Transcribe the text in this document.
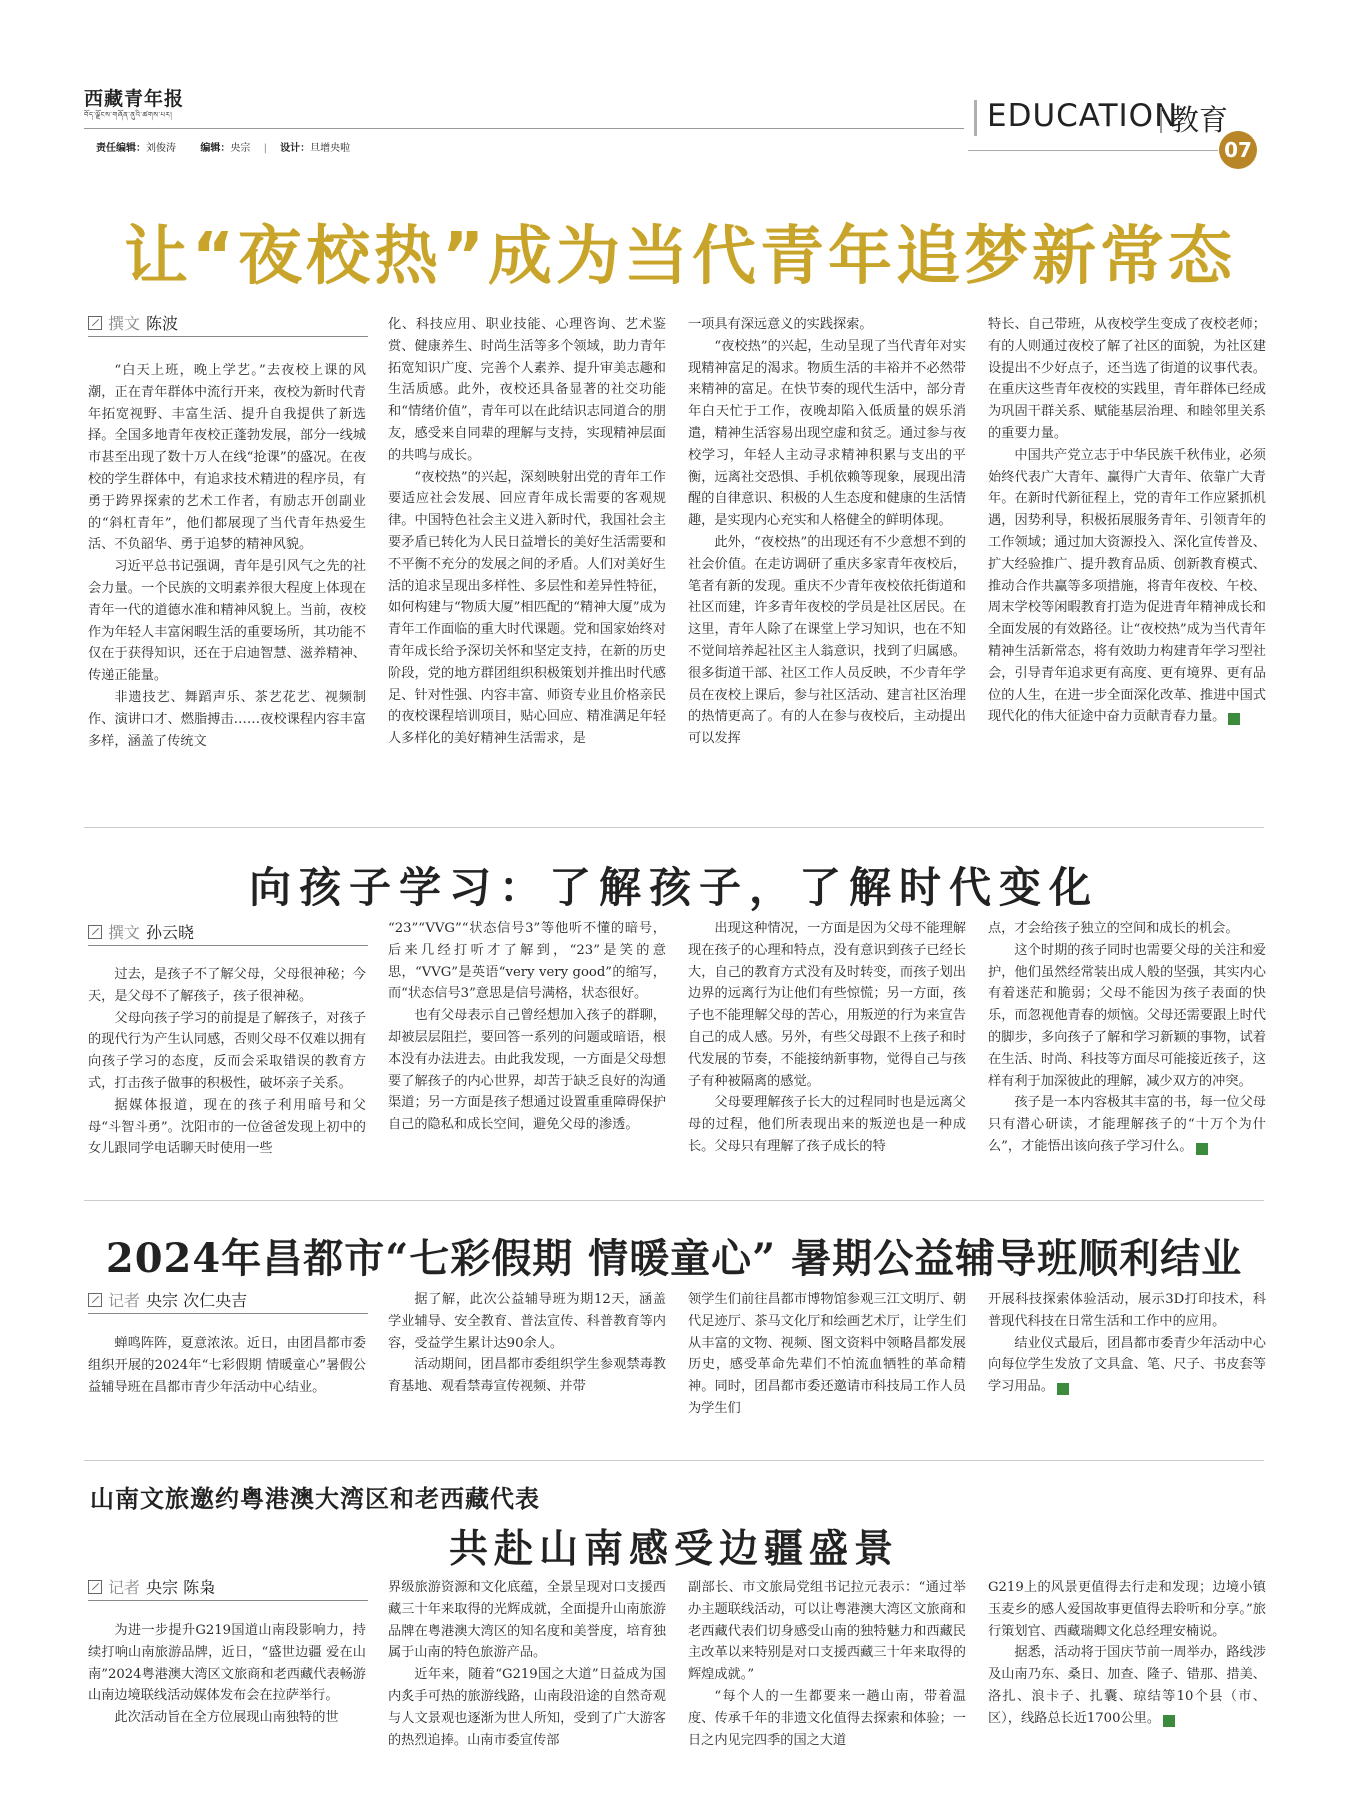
西藏青年报
བོད་ལྗོངས་གཞོན་ནུའི་ཚགས་པར།
责任编辑：刘俊涛 编辑：央宗 | 设计：旦增央啦
EDUCATION
教育
07
让“夜校热”成为当代青年追梦新常态
撰文 陈波

“白天上班，晚上学艺。”去夜校上课的风潮，正在青年群体中流行开来，夜校为新时代青年拓宽视野、丰富生活、提升自我提供了新选择。全国多地青年夜校正蓬勃发展，部分一线城市甚至出现了数十万人在线“抢课”的盛况。在夜校的学生群体中，有追求技术精进的程序员，有勇于跨界探索的艺术工作者，有励志开创副业的“斜杠青年”，他们都展现了当代青年热爱生活、不负韶华、勇于追梦的精神风貌。

习近平总书记强调，青年是引风气之先的社会力量。一个民族的文明素养很大程度上体现在青年一代的道德水准和精神风貌上。当前，夜校作为年轻人丰富闲暇生活的重要场所，其功能不仅在于获得知识，还在于启迪智慧、滋养精神、传递正能量。

非遗技艺、舞蹈声乐、茶艺花艺、视频制作、演讲口才、燃脂搏击……夜校课程内容丰富多样，涵盖了传统文

化、科技应用、职业技能、心理咨询、艺术鉴赏、健康养生、时尚生活等多个领域，助力青年拓宽知识广度、完善个人素养、提升审美志趣和生活质感。此外，夜校还具备显著的社交功能和“情绪价值”，青年可以在此结识志同道合的朋友，感受来自同辈的理解与支持，实现精神层面的共鸣与成长。

“夜校热”的兴起，深刻映射出党的青年工作要适应社会发展、回应青年成长需要的客观规律。中国特色社会主义进入新时代，我国社会主要矛盾已转化为人民日益增长的美好生活需要和不平衡不充分的发展之间的矛盾。人们对美好生活的追求呈现出多样性、多层性和差异性特征，如何构建与“物质大厦”相匹配的“精神大厦”成为青年工作面临的重大时代课题。党和国家始终对青年成长给予深切关怀和坚定支持，在新的历史阶段，党的地方群团组织积极策划并推出时代感足、针对性强、内容丰富、师资专业且价格亲民的夜校课程培训项目，贴心回应、精准满足年轻人多样化的美好精神生活需求，是

一项具有深远意义的实践探索。

“夜校热”的兴起，生动呈现了当代青年对实现精神富足的渴求。物质生活的丰裕并不必然带来精神的富足。在快节奏的现代生活中，部分青年白天忙于工作，夜晚却陷入低质量的娱乐消遣，精神生活容易出现空虚和贫乏。通过参与夜校学习，年轻人主动寻求精神积累与支出的平衡，远离社交恐惧、手机依赖等现象，展现出清醒的自律意识、积极的人生态度和健康的生活情趣，是实现内心充实和人格健全的鲜明体现。

此外，“夜校热”的出现还有不少意想不到的社会价值。在走访调研了重庆多家青年夜校后，笔者有新的发现。重庆不少青年夜校依托街道和社区而建，许多青年夜校的学员是社区居民。在这里，青年人除了在课堂上学习知识，也在不知不觉间培养起社区主人翁意识，找到了归属感。很多街道干部、社区工作人员反映，不少青年学员在夜校上课后，参与社区活动、建言社区治理的热情更高了。有的人在参与夜校后，主动提出可以发挥

特长、自己带班，从夜校学生变成了夜校老师；有的人则通过夜校了解了社区的面貌，为社区建设提出不少好点子，还当选了街道的议事代表。在重庆这些青年夜校的实践里，青年群体已经成为巩固干群关系、赋能基层治理、和睦邻里关系的重要力量。

中国共产党立志于中华民族千秋伟业，必须始终代表广大青年、赢得广大青年、依靠广大青年。在新时代新征程上，党的青年工作应紧抓机遇，因势利导，积极拓展服务青年、引领青年的工作领域；通过加大资源投入、深化宣传普及、扩大经验推广、提升教育品质、创新教育模式、推动合作共赢等多项措施，将青年夜校、午校、周末学校等闲暇教育打造为促进青年精神成长和全面发展的有效路径。让“夜校热”成为当代青年精神生活新常态，将有效助力构建青年学习型社会，引导青年追求更有高度、更有境界、更有品位的人生，在进一步全面深化改革、推进中国式现代化的伟大征途中奋力贡献青春力量。	青

向孩子学习：了解孩子，了解时代变化
撰文 孙云晓

过去，是孩子不了解父母，父母很神秘；今天，是父母不了解孩子，孩子很神秘。

父母向孩子学习的前提是了解孩子，对孩子的现代行为产生认同感，否则父母不仅难以拥有向孩子学习的态度，反而会采取错误的教育方式，打击孩子做事的积极性，破坏亲子关系。

据媒体报道，现在的孩子利用暗号和父母“斗智斗勇”。沈阳市的一位爸爸发现上初中的女儿跟同学电话聊天时使用一些

“23”“VVG”“状态信号3”等他听不懂的暗号，后来几经打听才了解到，“23”是笑的意思，“VVG”是英语“very very good”的缩写，而“状态信号3”意思是信号满格，状态很好。

也有父母表示自己曾经想加入孩子的群聊，却被层层阻拦，要回答一系列的问题或暗语，根本没有办法进去。由此我发现，一方面是父母想要了解孩子的内心世界，却苦于缺乏良好的沟通渠道；另一方面是孩子想通过设置重重障碍保护自己的隐私和成长空间，避免父母的渗透。

出现这种情况，一方面是因为父母不能理解现在孩子的心理和特点，没有意识到孩子已经长大，自己的教育方式没有及时转变，而孩子划出边界的远离行为让他们有些惊慌；另一方面，孩子也不能理解父母的苦心，用叛逆的行为来宣告自己的成人感。另外，有些父母跟不上孩子和时代发展的节奏，不能接纳新事物，觉得自己与孩子有种被隔离的感觉。

父母要理解孩子长大的过程同时也是远离父母的过程，他们所表现出来的叛逆也是一种成长。父母只有理解了孩子成长的特

点，才会给孩子独立的空间和成长的机会。

这个时期的孩子同时也需要父母的关注和爱护，他们虽然经常装出成人般的坚强，其实内心有着迷茫和脆弱；父母不能因为孩子表面的快乐，而忽视他青春的烦恼。父母还需要跟上时代的脚步，多向孩子了解和学习新颖的事物，试着在生活、时尚、科技等方面尽可能接近孩子，这样有利于加深彼此的理解，减少双方的冲突。

孩子是一本内容极其丰富的书，每一位父母只有潜心研读，才能理解孩子的“十万个为什么”，才能悟出该向孩子学习什么。	青

2024年昌都市“七彩假期 情暖童心” 暑期公益辅导班顺利结业
记者 央宗 次仁央吉

蝉鸣阵阵，夏意浓浓。近日，由团昌都市委组织开展的2024年“七彩假期 情暖童心”暑假公益辅导班在昌都市青少年活动中心结业。

据了解，此次公益辅导班为期12天，涵盖学业辅导、安全教育、普法宣传、科普教育等内容，受益学生累计达90余人。

活动期间，团昌都市委组织学生参观禁毒教育基地、观看禁毒宣传视频、并带

领学生们前往昌都市博物馆参观三江文明厅、朝代足迹厅、茶马文化厅和绘画艺术厅，让学生们从丰富的文物、视频、图文资料中领略昌都发展历史，感受革命先辈们不怕流血牺牲的革命精神。同时，团昌都市委还邀请市科技局工作人员为学生们

开展科技探索体验活动，展示3D打印技术，科普现代科技在日常生活和工作中的应用。

结业仪式最后，团昌都市委青少年活动中心向每位学生发放了文具盒、笔、尺子、书皮套等学习用品。	青

山南文旅邀约粤港澳大湾区和老西藏代表
共赴山南感受边疆盛景
记者 央宗 陈枭

为进一步提升G219国道山南段影响力，持续打响山南旅游品牌，近日，“盛世边疆 爱在山南”2024粤港澳大湾区文旅商和老西藏代表畅游山南边境联线活动媒体发布会在拉萨举行。

此次活动旨在全方位展现山南独特的世

界级旅游资源和文化底蕴，全景呈现对口支援西藏三十年来取得的光辉成就，全面提升山南旅游品牌在粤港澳大湾区的知名度和美誉度，培育独属于山南的特色旅游产品。

近年来，随着“G219国之大道”日益成为国内炙手可热的旅游线路，山南段沿途的自然奇观与人文景观也逐渐为世人所知，受到了广大游客的热烈追捧。山南市委宣传部

副部长、市文旅局党组书记拉元表示：“通过举办主题联线活动，可以让粤港澳大湾区文旅商和老西藏代表们切身感受山南的独特魅力和西藏民主改革以来特别是对口支援西藏三十年来取得的辉煌成就。”

“每个人的一生都要来一趟山南，带着温度、传承千年的非遗文化值得去探索和体验；一日之内见完四季的国之大道

G219上的风景更值得去行走和发现；边境小镇玉麦乡的感人爱国故事更值得去聆听和分享。”旅行策划官、西藏瑞卿文化总经理安楠说。

据悉，活动将于国庆节前一周举办，路线涉及山南乃东、桑日、加查、隆子、错那、措美、洛扎、浪卡子、扎囊、琼结等10个县（市、区），线路总长近1700公里。	青
